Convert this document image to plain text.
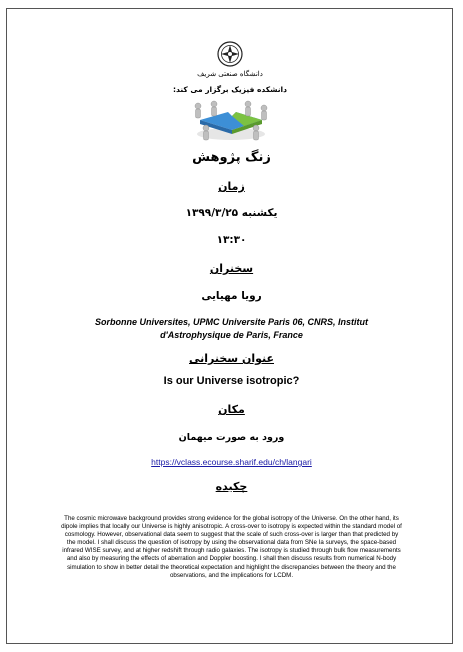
دانشگاه صنعتی شریف
دانشکده فیزیک برگزار می کند:
زنگ پژوهش
زمان
یکشنبه ۱۳۹۹/۳/۲۵
۱۳:۳۰
سخنران
رویا مهیایی
Sorbonne Universites, UPMC Universite Paris 06, CNRS, Institut
d'Astrophysique de Paris, France
عنوان سخنرانی
Is our Universe isotropic?
مکان
ورود به صورت میهمان
https://vclass.ecourse.sharif.edu/ch/langari
چکیده
The cosmic microwave background provides strong evidence for the global isotropy of the Universe. On the other hand, its dipole implies that locally our Universe is highly anisotropic. A cross-over to isotropy is expected within the standard model of cosmology. However, observational data seem to suggest that the scale of such cross-over is larger than that predicted by the model. I shall discuss the question of isotropy by using the observational data from SNe Ia surveys, the space-based infrared WISE survey, and at higher redshift through radio galaxies. The isotropy is studied through bulk flow measurements and also by measuring the effects of aberration and Doppler boosting. I shall then discuss results from numerical N-body simulation to show in better detail the theoretical expectation and highlight the discrepancies between the theory and the observations, and the implications for LCDM.
